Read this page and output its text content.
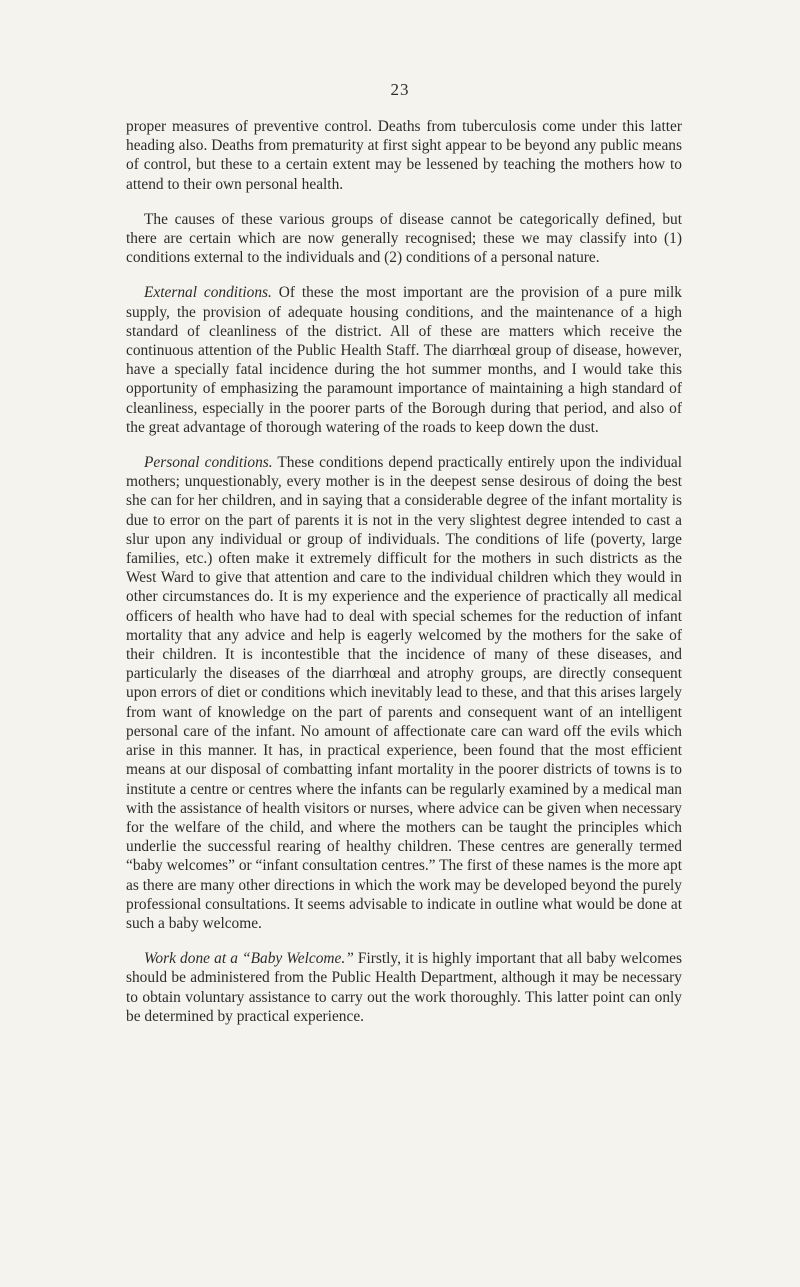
23

proper measures of preventive control. Deaths from tuberculosis come under this latter heading also. Deaths from prematurity at first sight appear to be beyond any public means of control, but these to a certain extent may be lessened by teaching the mothers how to attend to their own personal health.

The causes of these various groups of disease cannot be categorically defined, but there are certain which are now generally recognised; these we may classify into (1) conditions external to the individuals and (2) conditions of a personal nature.

External conditions. Of these the most important are the provision of a pure milk supply, the provision of adequate housing conditions, and the maintenance of a high standard of cleanliness of the district. All of these are matters which receive the continuous attention of the Public Health Staff. The diarrhœal group of disease, however, have a specially fatal incidence during the hot summer months, and I would take this opportunity of emphasizing the paramount importance of maintaining a high standard of cleanliness, especially in the poorer parts of the Borough during that period, and also of the great advantage of thorough watering of the roads to keep down the dust.

Personal conditions. These conditions depend practically entirely upon the individual mothers; unquestionably, every mother is in the deepest sense desirous of doing the best she can for her children, and in saying that a considerable degree of the infant mortality is due to error on the part of parents it is not in the very slightest degree intended to cast a slur upon any individual or group of individuals. The conditions of life (poverty, large families, etc.) often make it extremely difficult for the mothers in such districts as the West Ward to give that attention and care to the individual children which they would in other circumstances do. It is my experience and the experience of practically all medical officers of health who have had to deal with special schemes for the reduction of infant mortality that any advice and help is eagerly welcomed by the mothers for the sake of their children. It is incontestible that the incidence of many of these diseases, and particularly the diseases of the diarrhœal and atrophy groups, are directly consequent upon errors of diet or conditions which inevitably lead to these, and that this arises largely from want of knowledge on the part of parents and consequent want of an intelligent personal care of the infant. No amount of affectionate care can ward off the evils which arise in this manner. It has, in practical experience, been found that the most efficient means at our disposal of combatting infant mortality in the poorer districts of towns is to institute a centre or centres where the infants can be regularly examined by a medical man with the assistance of health visitors or nurses, where advice can be given when necessary for the welfare of the child, and where the mothers can be taught the principles which underlie the successful rearing of healthy children. These centres are generally termed “baby welcomes” or “infant consultation centres.” The first of these names is the more apt as there are many other directions in which the work may be developed beyond the purely professional consultations. It seems advisable to indicate in outline what would be done at such a baby welcome.

Work done at a “Baby Welcome.” Firstly, it is highly important that all baby welcomes should be administered from the Public Health Department, although it may be necessary to obtain voluntary assistance to carry out the work thoroughly. This latter point can only be determined by practical experience.
